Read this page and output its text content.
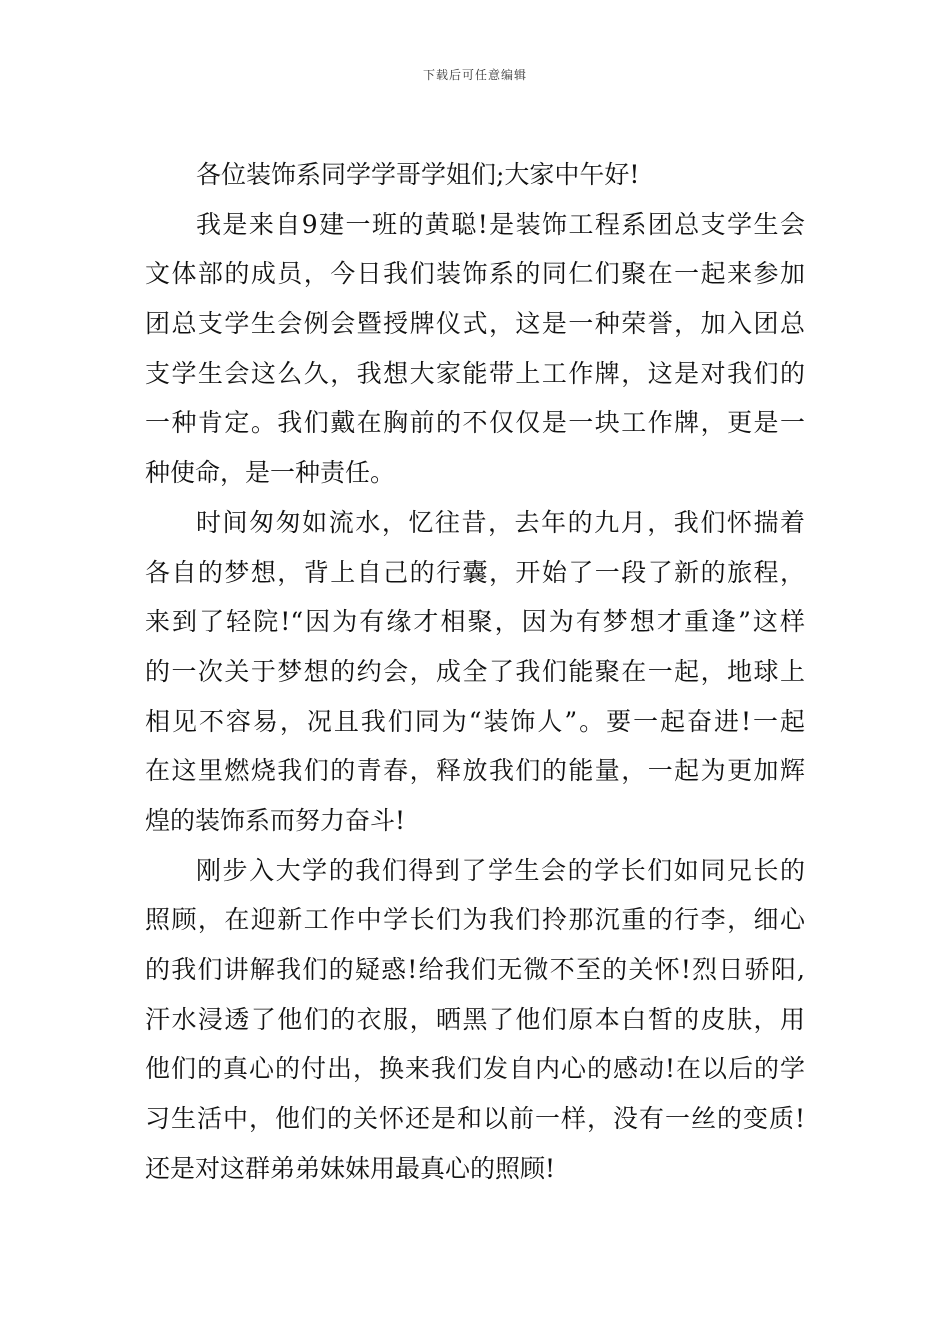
下载后可任意编辑
各位装饰系同学学哥学姐们;大家中午好!
我是来自9建一班的黄聪!是装饰工程系团总支学生会
文体部的成员，今日我们装饰系的同仁们聚在一起来参加
团总支学生会例会暨授牌仪式，这是一种荣誉，加入团总
支学生会这么久，我想大家能带上工作牌，这是对我们的
一种肯定。我们戴在胸前的不仅仅是一块工作牌，更是一
种使命，是一种责任。
时间匆匆如流水，忆往昔，去年的九月，我们怀揣着
各自的梦想，背上自己的行囊，开始了一段了新的旅程，
来到了轻院!“因为有缘才相聚，因为有梦想才重逢”这样
的一次关于梦想的约会，成全了我们能聚在一起，地球上
相见不容易，况且我们同为“装饰人”。要一起奋进!一起
在这里燃烧我们的青春，释放我们的能量，一起为更加辉
煌的装饰系而努力奋斗!
刚步入大学的我们得到了学生会的学长们如同兄长的
照顾，在迎新工作中学长们为我们拎那沉重的行李，细心
的我们讲解我们的疑惑!给我们无微不至的关怀!烈日骄阳,
汗水浸透了他们的衣服，晒黑了他们原本白皙的皮肤，用
他们的真心的付出，换来我们发自内心的感动!在以后的学
习生活中，他们的关怀还是和以前一样，没有一丝的变质!
还是对这群弟弟妹妹用最真心的照顾!
